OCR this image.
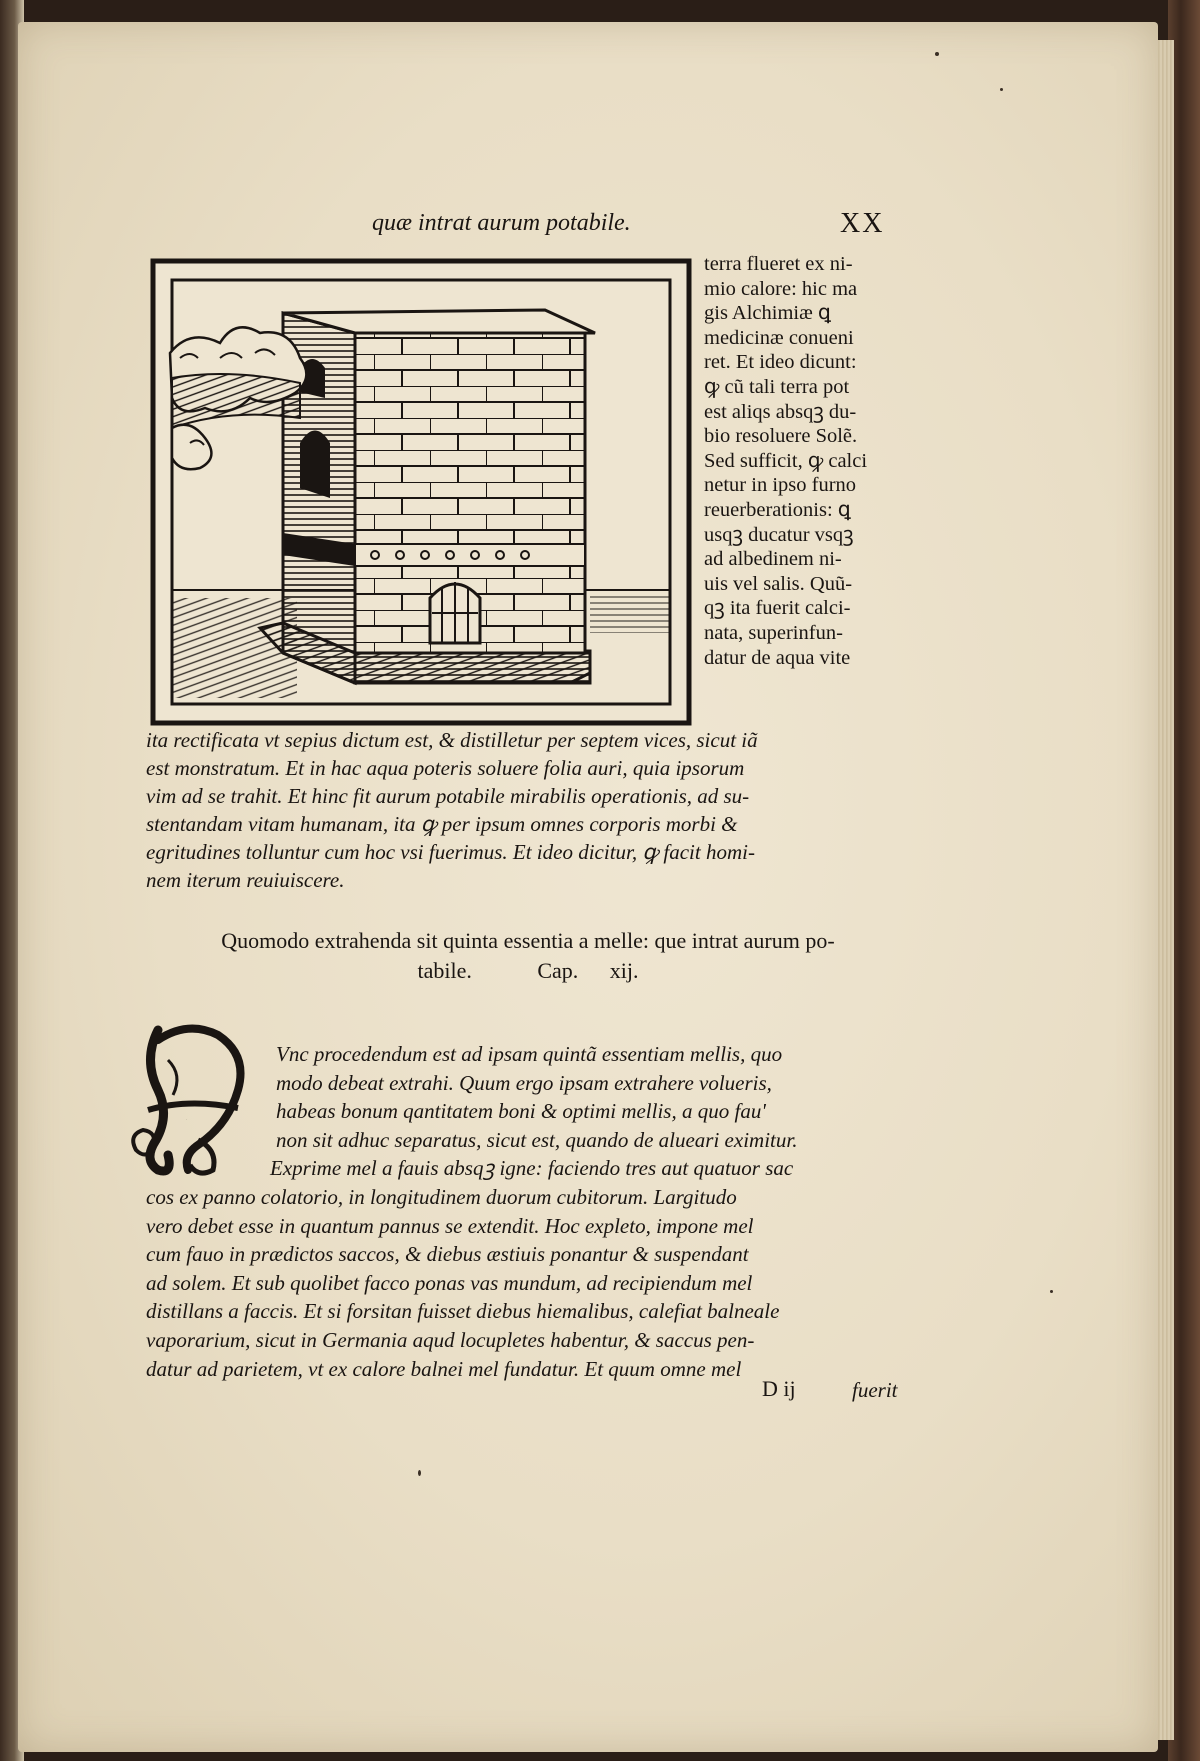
quæ intrat aurum potabile.	XX
terra flueret ex ni-
mio calore: hic ma
gis Alchimiæ ꝗ
medicinæ conueni
ret. Et ideo dicunt:
ꝙ cũ tali terra pot
est aliqs absqꝫ du-
bio resoluere Solẽ.
Sed sufficit, ꝙ calci
netur in ipso furno
reuerberationis: ꝗ
usqꝫ ducatur vsqꝫ
ad albedinem ni-
uis vel salis. Quũ-
qꝫ ita fuerit calci-
nata, superinfun-
datur de aqua vite
ita rectificata vt sepius dictum est, & distilletur per septem vices, sicut iã
est monstratum. Et in hac aqua poteris soluere folia auri, quia ipsorum
vim ad se trahit. Et hinc fit aurum potabile mirabilis operationis, ad su-
stentandam vitam humanam, ita ꝙ per ipsum omnes corporis morbi &
egritudines tolluntur cum hoc vsi fuerimus. Et ideo dicitur, ꝙ facit homi-
nem iterum reuiuiscere.
Quomodo extrahenda sit quinta essentia a melle: que intrat aurum po-
tabile.	Cap. xij.
H
Vnc procedendum est ad ipsam quintã essentiam mellis, quo
modo debeat extrahi. Quum ergo ipsam extrahere volueris,
habeas bonum qantitatem boni & optimi mellis, a quo fau'
non sit adhuc separatus, sicut est, quando de alueari eximitur.
Exprime mel a fauis absqꝫ igne: faciendo tres aut quatuor sac
cos ex panno colatorio, in longitudinem duorum cubitorum. Largitudo
vero debet esse in quantum pannus se extendit. Hoc expleto, impone mel
cum fauo in prædictos saccos, & diebus æstiuis ponantur & suspendant
ad solem. Et sub quolibet facco ponas vas mundum, ad recipiendum mel
distillans a faccis. Et si forsitan fuisset diebus hiemalibus, calefiat balneale
vaporarium, sicut in Germania aqud locupletes habentur, & saccus pen-
datur ad parietem, vt ex calore balnei mel fundatur. Et quum omne mel
D ij	fuerit
